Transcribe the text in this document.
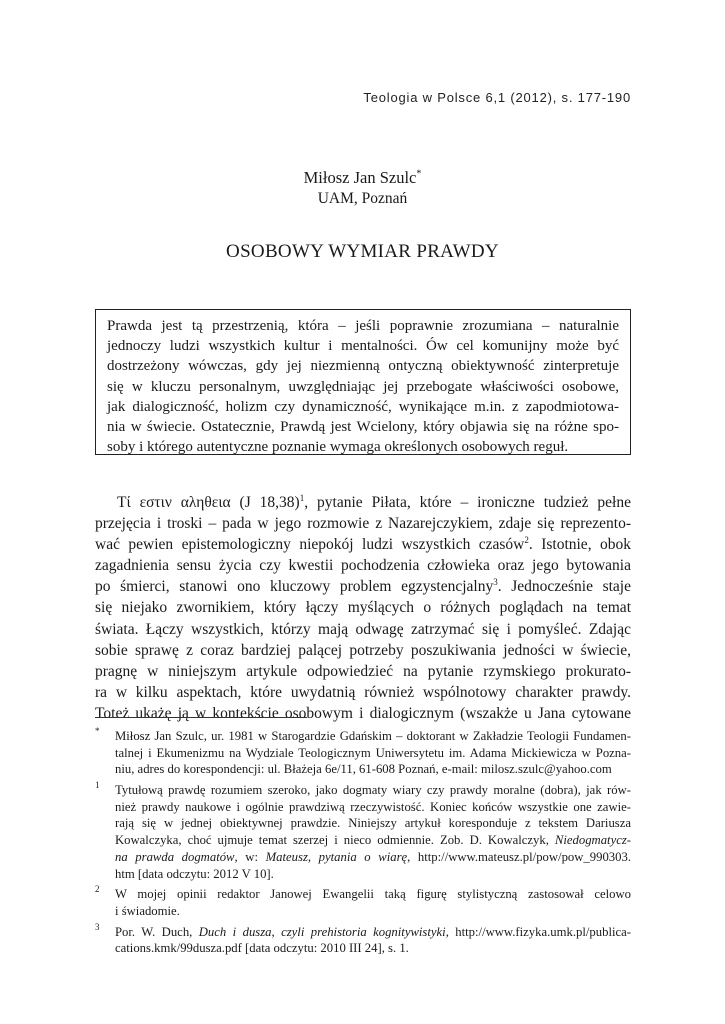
Teologia w Polsce 6,1 (2012), s. 177-190
Miłosz Jan Szulc*
UAM, Poznań
OSOBOWY WYMIAR PRAWDY
Prawda jest tą przestrzenią, która – jeśli poprawnie zrozumiana – naturalnie
jednoczy ludzi wszystkich kultur i mentalności. Ów cel komunijny może być
dostrzeżony wówczas, gdy jej niezmienną ontyczną obiektywność zinterpretuje
się w kluczu personalnym, uwzględniając jej przebogate właściwości osobowe,
jak dialogiczność, holizm czy dynamiczność, wynikające m.in. z zapodmiotowa-
nia w świecie. Ostatecznie, Prawdą jest Wcielony, który objawia się na różne spo-
soby i którego autentyczne poznanie wymaga określonych osobowych reguł.
Tί εστιν αληθεια (J 18,38)$^1$, pytanie Piłata, które – ironiczne tudzież pełne
przejęcia i troski – pada w jego rozmowie z Nazarejczykiem, zdaje się reprezento-
wać pewien epistemologiczny niepokój ludzi wszystkich czasów$^2$. Istotnie, obok
zagadnienia sensu życia czy kwestii pochodzenia człowieka oraz jego bytowania
po śmierci, stanowi ono kluczowy problem egzystencjalny$^3$. Jednocześnie staje
się niejako zwornikiem, który łączy myślących o różnych poglądach na temat
świata. Łączy wszystkich, którzy mają odwagę zatrzymać się i pomyśleć. Zdając
sobie sprawę z coraz bardziej palącej potrzeby poszukiwania jedności w świecie,
pragnę w niniejszym artykule odpowiedzieć na pytanie rzymskiego prokurato-
ra w kilku aspektach, które uwydatnią również wspólnotowy charakter prawdy.
Toteż ukażę ją w kontekście osobowym i dialogicznym (wszakże u Jana cytowane
* Miłosz Jan Szulc, ur. 1981 w Starogardzie Gdańskim – doktorant w Zakładzie Teologii Fundamen-
talnej i Ekumenizmu na Wydziale Teologicznym Uniwersytetu im. Adama Mickiewicza w Pozna-
niu, adres do korespondencji: ul. Błażeja 6e/11, 61-608 Poznań, e-mail: milosz.szulc@yahoo.com
1 Tytułową prawdę rozumiem szeroko, jako dogmaty wiary czy prawdy moralne (dobra), jak rów-
nież prawdy naukowe i ogólnie prawdziwą rzeczywistość. Koniec końców wszystkie one zawie-
rają się w jednej obiektywnej prawdzie. Niniejszy artykuł koresponduje z tekstem Dariusza
Kowalczyka, choć ujmuje temat szerzej i nieco odmiennie. Zob. D. Kowalczyk, Niedogmatycz-
na prawda dogmatów, w: Mateusz, pytania o wiarę, http://www.mateusz.pl/pow/pow_990303.
htm [data odczytu: 2012 V 10].
2 W mojej opinii redaktor Janowej Ewangelii taką figurę stylistyczną zastosował celowo
i świadomie.
3 Por. W. Duch, Duch i dusza, czyli prehistoria kognitywistyki, http://www.fizyka.umk.pl/publica-
cations.kmk/99dusza.pdf [data odczytu: 2010 III 24], s. 1.
